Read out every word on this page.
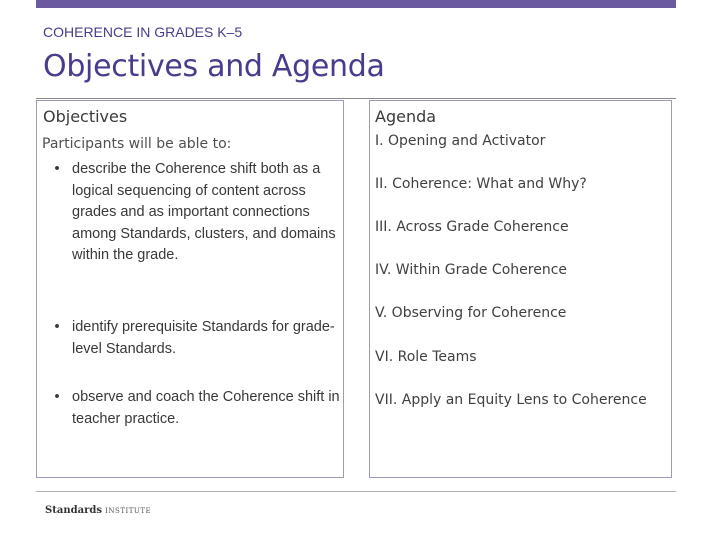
COHERENCE IN GRADES K–5
Objectives and Agenda
Objectives
Participants will be able to:
• describe the Coherence shift both as a logical sequencing of content across grades and as important connections among Standards, clusters, and domains within the grade.
• identify prerequisite Standards for grade-level Standards.
• observe and coach the Coherence shift in teacher practice.
Agenda
I. Opening and Activator
II. Coherence: What and Why?
III. Across Grade Coherence
IV. Within Grade Coherence
V. Observing for Coherence
VI. Role Teams
VII. Apply an Equity Lens to Coherence
Standards INSTITUTE
